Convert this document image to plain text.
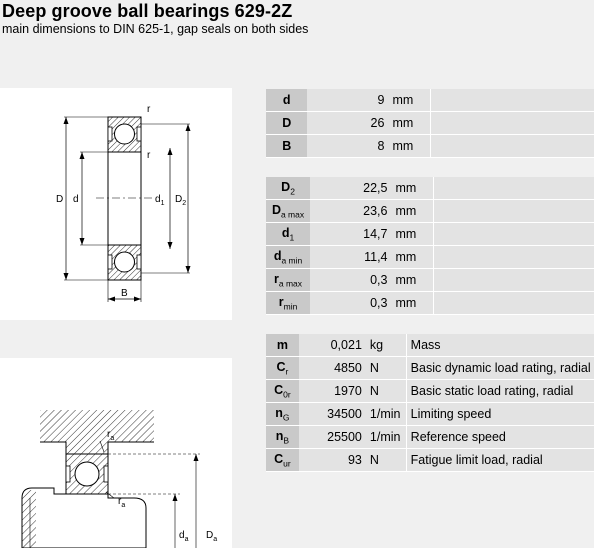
Deep groove ball bearings 629-2Z
main dimensions to DIN 625-1, gap seals on both sides
r
r
D d	$d_1$ $D_2$
B
$r_a$
$r_a$
$d_a$ $D_a$
d	9	mm	
D	26	mm	
B	8	mm	
$D_2$	22,5	mm	
$D_{a max}$	23,6	mm	
$d_1$	14,7	mm	
$d_{a min}$	11,4	mm	
$r_{a max}$	0,3	mm	
$r_{min}$	0,3	mm	
m	0,021	kg	Mass
$C_r$	4850	N	Basic dynamic load rating, radial
$C_{0r}$	1970	N	Basic static load rating, radial
$n_G$	34500	1/min	Limiting speed
$n_B$	25500	1/min	Reference speed
$C_{ur}$	93	N	Fatigue limit load, radial
